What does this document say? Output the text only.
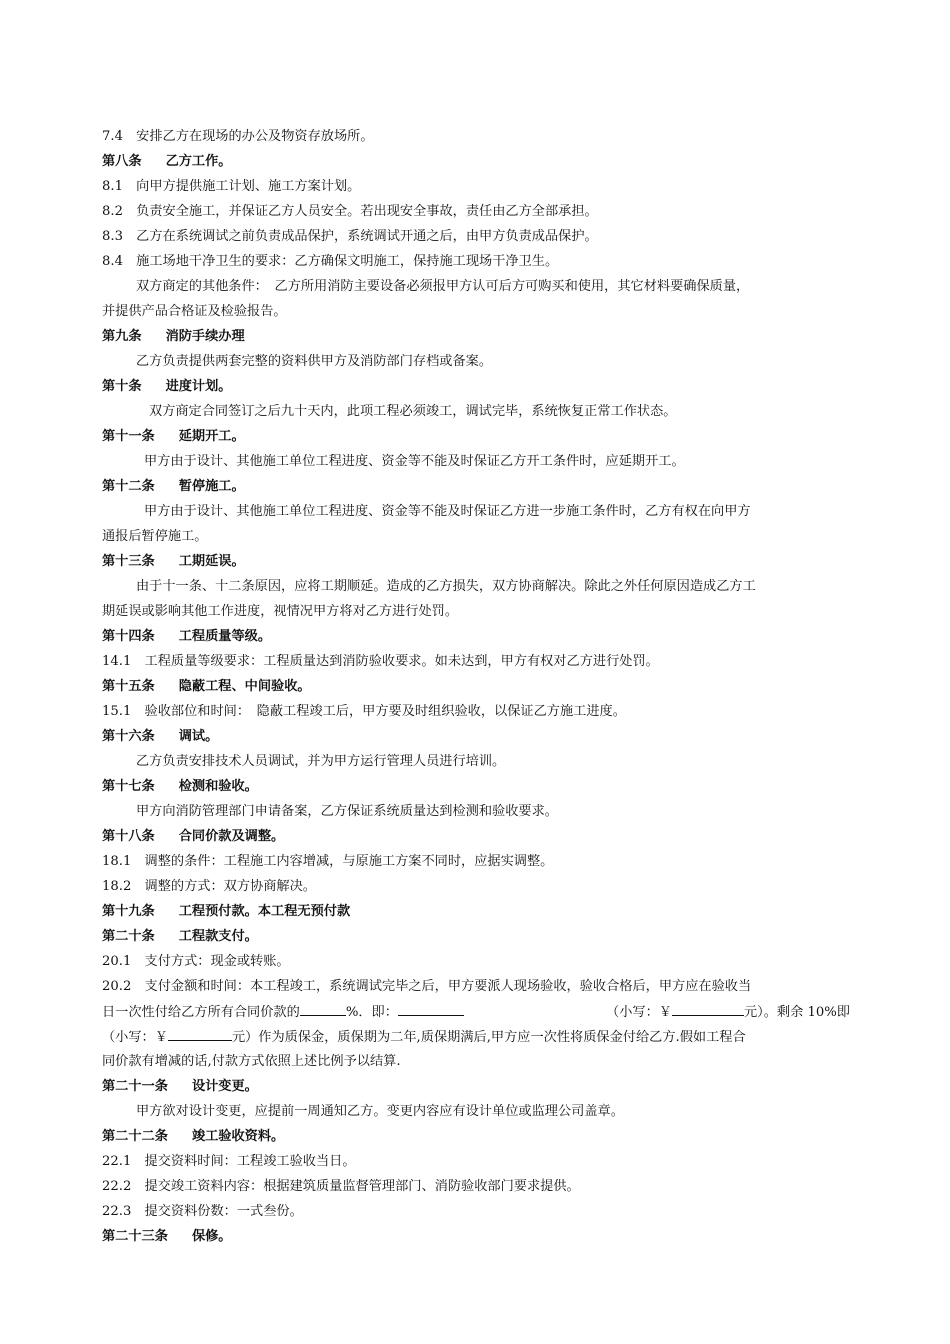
7.4　安排乙方在现场的办公及物资存放场所。
第八条 乙方工作。
8.1　向甲方提供施工计划、施工方案计划。
8.2　负责安全施工，并保证乙方人员安全。若出现安全事故，责任由乙方全部承担。
8.3　乙方在系统调试之前负责成品保护，系统调试开通之后，由甲方负责成品保护。
8.4　施工场地干净卫生的要求：乙方确保文明施工，保持施工现场干净卫生。
双方商定的其他条件：　乙方所用消防主要设备必须报甲方认可后方可购买和使用，其它材料要确保质量，
并提供产品合格证及检验报告。
第九条 消防手续办理
乙方负责提供两套完整的资料供甲方及消防部门存档或备案。
第十条 进度计划。
双方商定合同签订之后九十天内，此项工程必须竣工，调试完毕，系统恢复正常工作状态。
第十一条 延期开工。
甲方由于设计、其他施工单位工程进度、资金等不能及时保证乙方开工条件时，应延期开工。
第十二条 暂停施工。
甲方由于设计、其他施工单位工程进度、资金等不能及时保证乙方进一步施工条件时，乙方有权在向甲方
通报后暂停施工。
第十三条 工期延误。
由于十一条、十二条原因，应将工期顺延。造成的乙方损失，双方协商解决。除此之外任何原因造成乙方工
期延误或影响其他工作进度，视情况甲方将对乙方进行处罚。
第十四条 工程质量等级。
14.1　工程质量等级要求：工程质量达到消防验收要求。如未达到，甲方有权对乙方进行处罚。
第十五条 隐蔽工程、中间验收。
15.1　验收部位和时间：　隐蔽工程竣工后，甲方要及时组织验收，以保证乙方施工进度。
第十六条 调试。
乙方负责安排技术人员调试，并为甲方运行管理人员进行培训。
第十七条 检测和验收。
甲方向消防管理部门申请备案，乙方保证系统质量达到检测和验收要求。
第十八条 合同价款及调整。
18.1　调整的条件：工程施工内容增减，与原施工方案不同时，应据实调整。
18.2　调整的方式：双方协商解决。
第十九条 工程预付款。本工程无预付款
第二十条 工程款支付。
20.1　支付方式：现金或转账。
20.2　支付金额和时间：本工程竣工，系统调试完毕之后，甲方要派人现场验收，验收合格后，甲方应在验收当
日一次性付给乙方所有合同价款的	%．即：	（小写：￥	元）。剩余 10%即
（小写：￥	元）作为质保金，质保期为二年,质保期满后,甲方应一次性将质保金付给乙方.假如工程合
同价款有增减的话,付款方式依照上述比例予以结算.
第二十一条 设计变更。
甲方欲对设计变更，应提前一周通知乙方。变更内容应有设计单位或监理公司盖章。
第二十二条 竣工验收资料。
22.1　提交资料时间：工程竣工验收当日。
22.2　提交竣工资料内容：根据建筑质量监督管理部门、消防验收部门要求提供。
22.3　提交资料份数：一式叁份。
第二十三条 保修。
